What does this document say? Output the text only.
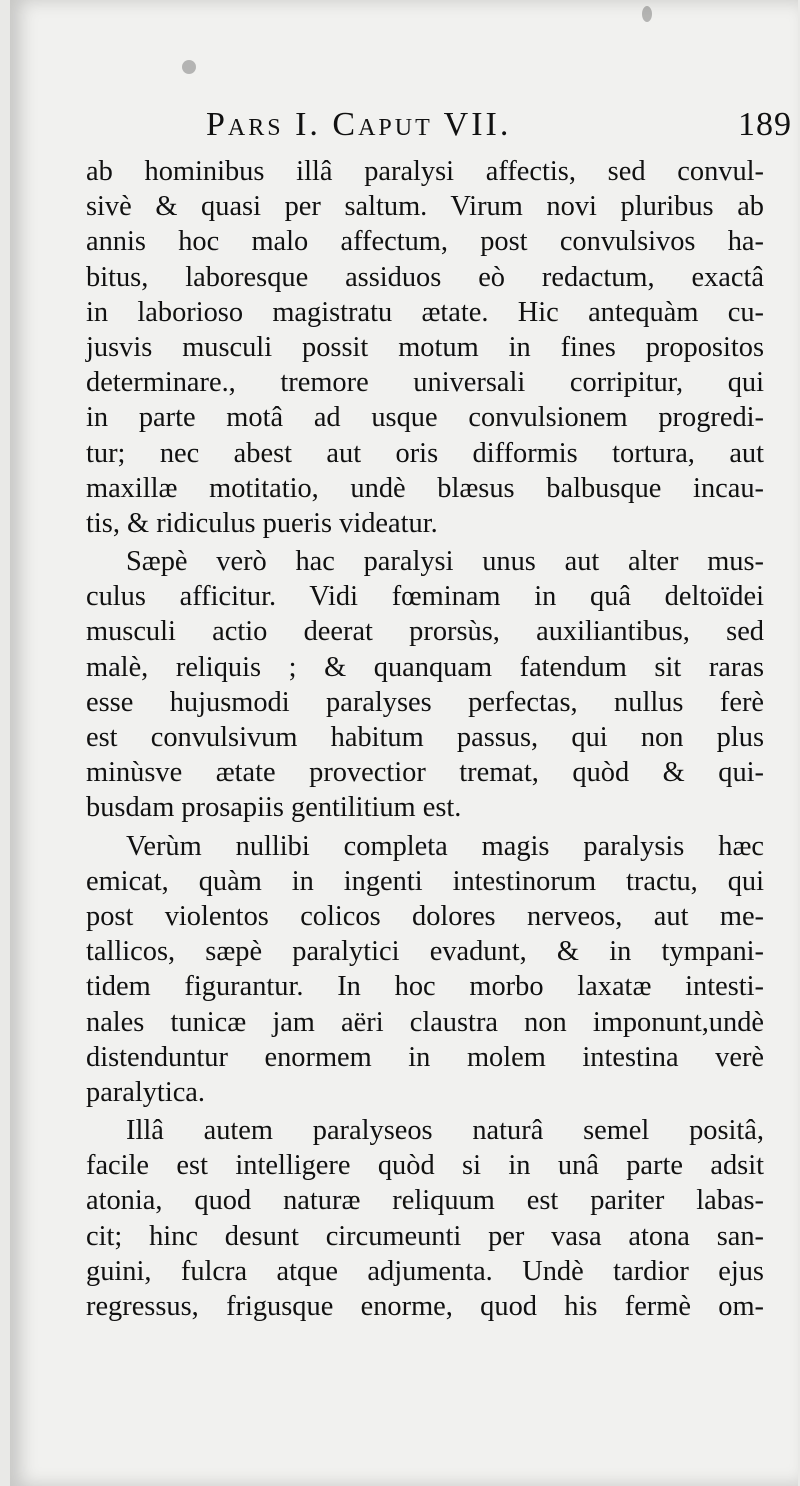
Pars I. Caput VII.	189
ab hominibus illâ paralysi affectis, sed convul-
sivè & quasi per saltum. Virum novi pluribus ab
annis hoc malo affectum, post convulsivos ha-
bitus, laboresque assiduos eò redactum, exactâ
in laborioso magistratu ætate. Hic antequàm cu-
jusvis musculi possit motum in fines propositos
determinare., tremore universali corripitur, qui
in parte motâ ad usque convulsionem progredi-
tur; nec abest aut oris difformis tortura, aut
maxillæ motitatio, undè blæsus balbusque incau-
tis, & ridiculus pueris videatur.
Sæpè verò hac paralysi unus aut alter mus-
culus afficitur. Vidi fœminam in quâ deltoïdei
musculi actio deerat prorsùs, auxiliantibus, sed
malè, reliquis ; & quanquam fatendum sit raras
esse hujusmodi paralyses perfectas, nullus ferè
est convulsivum habitum passus, qui non plus
minùsve ætate provectior tremat, quòd & qui-
busdam prosapiis gentilitium est.
Verùm nullibi completa magis paralysis hæc
emicat, quàm in ingenti intestinorum tractu, qui
post violentos colicos dolores nerveos, aut me-
tallicos, sæpè paralytici evadunt, & in tympani-
tidem figurantur. In hoc morbo laxatæ intesti-
nales tunicæ jam aëri claustra non imponunt,undè
distenduntur enormem in molem intestina verè
paralytica.
Illâ autem paralyseos naturâ semel positâ,
facile est intelligere quòd si in unâ parte adsit
atonia, quod naturæ reliquum est pariter labas-
cit; hinc desunt circumeunti per vasa atona san-
guini, fulcra atque adjumenta. Undè tardior ejus
regressus, frigusque enorme, quod his fermè om-
